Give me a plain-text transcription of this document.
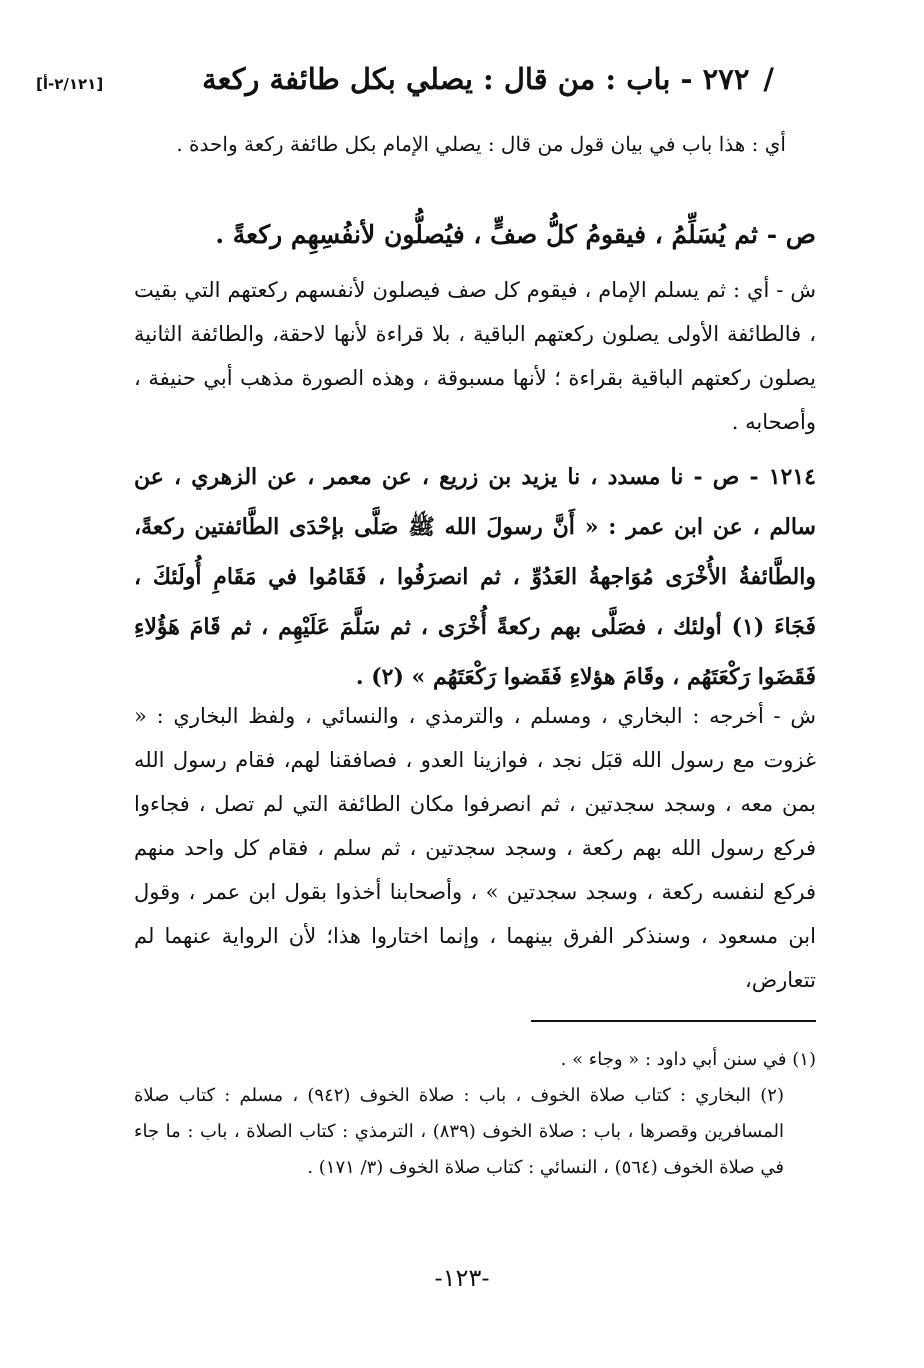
[٢/١٢١-أ]	/٢٧٢ - باب : من قال : يصلي بكل طائفة ركعة
أي : هذا باب في بيان قول من قال : يصلي الإمام بكل طائفة ركعة واحدة .
ص - ثم يُسَلِّمُ ، فيقومُ كلُّ صفٍّ ، فيُصلُّون لأنفُسِهِم ركعةً .
ش - أي : ثم يسلم الإمام ، فيقوم كل صف فيصلون لأنفسهم ركعتهم التي بقيت ، فالطائفة الأولى يصلون ركعتهم الباقية ، بلا قراءة لأنها لاحقة، والطائفة الثانية يصلون ركعتهم الباقية بقراءة ؛ لأنها مسبوقة ، وهذه الصورة مذهب أبي حنيفة ، وأصحابه .
١٢١٤ - ص - نا مسدد ، نا يزيد بن زريع ، عن معمر ، عن الزهري ، عن سالم ، عن ابن عمر : « أَنَّ رسولَ الله ﷺ صَلَّى بإحْدَى الطَّائفتين ركعةً، والطَّائفةُ الأُخْرَى مُوَاجهةُ العَدُوِّ ، ثم انصرَفُوا ، فَقَامُوا في مَقَامِ أُولَئكَ ، فَجَاءَ (١) أولئك ، فصَلَّى بهم ركعةً أُخْرَى ، ثم سَلَّمَ عَلَيْهِم ، ثم قَامَ هَؤُلاءِ فَقَضَوا رَكْعَتَهُم ، وقَامَ هؤلاءِ فَقَضوا رَكْعَتَهُم » (٢) .
ش - أخرجه : البخاري ، ومسلم ، والترمذي ، والنسائي ، ولفظ البخاري : « غزوت مع رسول الله قبَل نجد ، فوازينا العدو ، فصافقنا لهم، فقام رسول الله بمن معه ، وسجد سجدتين ، ثم انصرفوا مكان الطائفة التي لم تصل ، فجاءوا فركع رسول الله بهم ركعة ، وسجد سجدتين ، ثم سلم ، فقام كل واحد منهم فركع لنفسه ركعة ، وسجد سجدتين » ، وأصحابنا أخذوا بقول ابن عمر ، وقول ابن مسعود ، وسنذكر الفرق بينهما ، وإنما اختاروا هذا؛ لأن الرواية عنهما لم تتعارض،
(١) في سنن أبي داود : « وجاء » .
(٢) البخاري : كتاب صلاة الخوف ، باب : صلاة الخوف (٩٤٢) ، مسلم : كتاب صلاة المسافرين وقصرها ، باب : صلاة الخوف (٨٣٩) ، الترمذي : كتاب الصلاة ، باب : ما جاء في صلاة الخوف (٥٦٤) ، النسائي : كتاب صلاة الخوف (٣/ ١٧١) .
-١٢٣-
